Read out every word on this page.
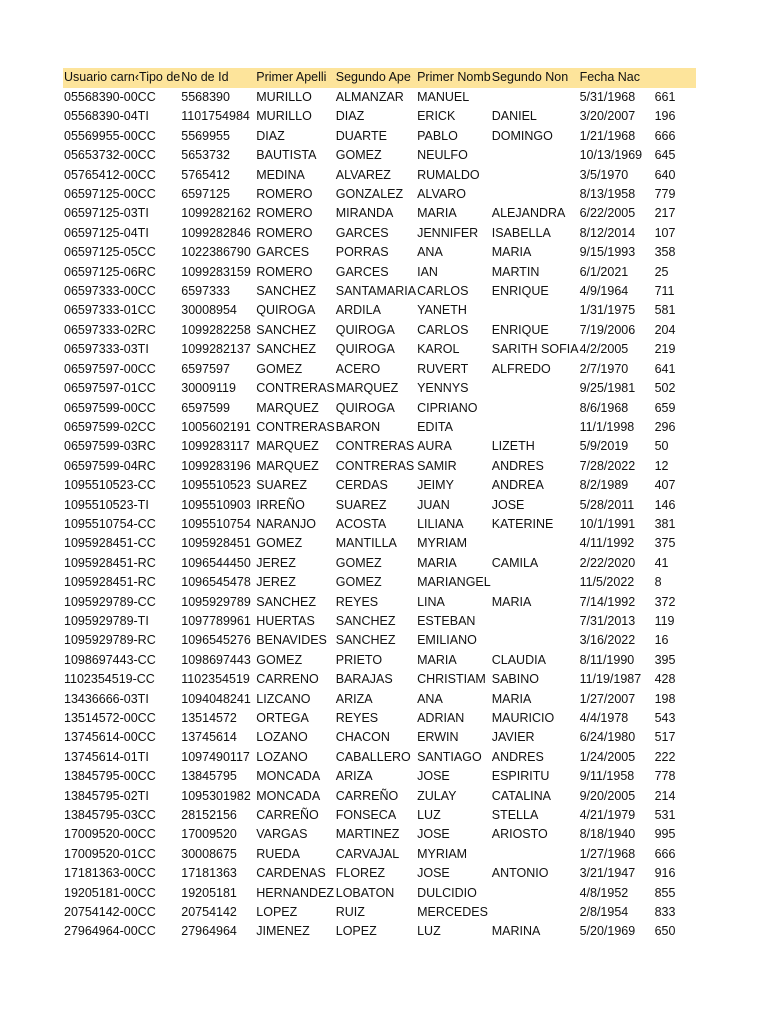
Usuario carn‹Tipo de	No de Id	Primer Apelli	Segundo Ape	Primer Nomb	Segundo Non	Fecha Nac	
05568390-00CC	5568390	MURILLO	ALMANZAR	MANUEL		5/31/1968	661
05568390-04TI	1101754984	MURILLO	DIAZ	ERICK	DANIEL	3/20/2007	196
05569955-00CC	5569955	DIAZ	DUARTE	PABLO	DOMINGO	1/21/1968	666
05653732-00CC	5653732	BAUTISTA	GOMEZ	NEULFO		10/13/1969	645
05765412-00CC	5765412	MEDINA	ALVAREZ	RUMALDO		3/5/1970	640
06597125-00CC	6597125	ROMERO	GONZALEZ	ALVARO		8/13/1958	779
06597125-03TI	1099282162	ROMERO	MIRANDA	MARIA	ALEJANDRA	6/22/2005	217
06597125-04TI	1099282846	ROMERO	GARCES	JENNIFER	ISABELLA	8/12/2014	107
06597125-05CC	1022386790	GARCES	PORRAS	ANA	MARIA	9/15/1993	358
06597125-06RC	1099283159	ROMERO	GARCES	IAN	MARTIN	6/1/2021	25
06597333-00CC	6597333	SANCHEZ	SANTAMARIA	CARLOS	ENRIQUE	4/9/1964	711
06597333-01CC	30008954	QUIROGA	ARDILA	YANETH		1/31/1975	581
06597333-02RC	1099282258	SANCHEZ	QUIROGA	CARLOS	ENRIQUE	7/19/2006	204
06597333-03TI	1099282137	SANCHEZ	QUIROGA	KAROL	SARITH SOFIA	4/2/2005	219
06597597-00CC	6597597	GOMEZ	ACERO	RUVERT	ALFREDO	2/7/1970	641
06597597-01CC	30009119	CONTRERAS	MARQUEZ	YENNYS		9/25/1981	502
06597599-00CC	6597599	MARQUEZ	QUIROGA	CIPRIANO		8/6/1968	659
06597599-02CC	1005602191	CONTRERAS	BARON	EDITA		11/1/1998	296
06597599-03RC	1099283117	MARQUEZ	CONTRERAS	AURA	LIZETH	5/9/2019	50
06597599-04RC	1099283196	MARQUEZ	CONTRERAS	SAMIR	ANDRES	7/28/2022	12
1095510523-CC	1095510523	SUAREZ	CERDAS	JEIMY	ANDREA	8/2/1989	407
1095510523-TI	1095510903	IRREÑO	SUAREZ	JUAN	JOSE	5/28/2011	146
1095510754-CC	1095510754	NARANJO	ACOSTA	LILIANA	KATERINE	10/1/1991	381
1095928451-CC	1095928451	GOMEZ	MANTILLA	MYRIAM		4/11/1992	375
1095928451-RC	1096544450	JEREZ	GOMEZ	MARIA	CAMILA	2/22/2020	41
1095928451-RC	1096545478	JEREZ	GOMEZ	MARIANGEL		11/5/2022	8
1095929789-CC	1095929789	SANCHEZ	REYES	LINA	MARIA	7/14/1992	372
1095929789-TI	1097789961	HUERTAS	SANCHEZ	ESTEBAN		7/31/2013	119
1095929789-RC	1096545276	BENAVIDES	SANCHEZ	EMILIANO		3/16/2022	16
1098697443-CC	1098697443	GOMEZ	PRIETO	MARIA	CLAUDIA	8/11/1990	395
1102354519-CC	1102354519	CARRENO	BARAJAS	CHRISTIAM	SABINO	11/19/1987	428
13436666-03TI	1094048241	LIZCANO	ARIZA	ANA	MARIA	1/27/2007	198
13514572-00CC	13514572	ORTEGA	REYES	ADRIAN	MAURICIO	4/4/1978	543
13745614-00CC	13745614	LOZANO	CHACON	ERWIN	JAVIER	6/24/1980	517
13745614-01TI	1097490117	LOZANO	CABALLERO	SANTIAGO	ANDRES	1/24/2005	222
13845795-00CC	13845795	MONCADA	ARIZA	JOSE	ESPIRITU	9/11/1958	778
13845795-02TI	1095301982	MONCADA	CARREÑO	ZULAY	CATALINA	9/20/2005	214
13845795-03CC	28152156	CARREÑO	FONSECA	LUZ	STELLA	4/21/1979	531
17009520-00CC	17009520	VARGAS	MARTINEZ	JOSE	ARIOSTO	8/18/1940	995
17009520-01CC	30008675	RUEDA	CARVAJAL	MYRIAM		1/27/1968	666
17181363-00CC	17181363	CARDENAS	FLOREZ	JOSE	ANTONIO	3/21/1947	916
19205181-00CC	19205181	HERNANDEZ	LOBATON	DULCIDIO		4/8/1952	855
20754142-00CC	20754142	LOPEZ	RUIZ	MERCEDES		2/8/1954	833
27964964-00CC	27964964	JIMENEZ	LOPEZ	LUZ	MARINA	5/20/1969	650
